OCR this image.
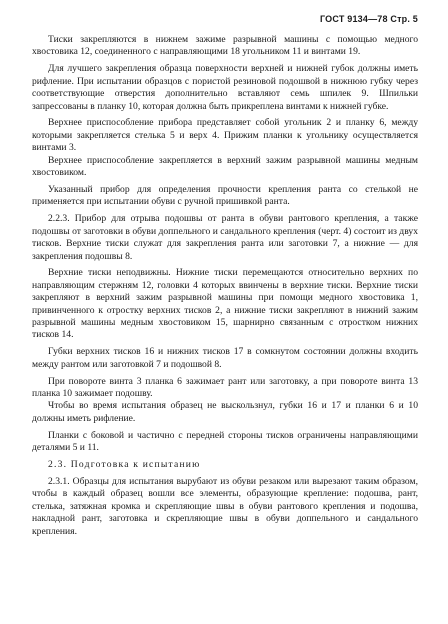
ГОСТ 9134—78 Стр. 5

Тиски закрепляются в нижнем зажиме разрывной машины с помощью медного хвостовика 12, соединенного с направляющими 18 угольником 11 и винтами 19.

Для лучшего закрепления образца поверхности верхней и нижней губок должны иметь рифление. При испытании образцов с пористой резиновой подошвой в нижнюю губку через соответствующие отверстия дополнительно вставляют семь шпилек 9. Шпильки запрессованы в планку 10, которая должна быть прикреплена винтами к нижней губке.

Верхнее приспособление прибора представляет собой угольник 2 и планку 6, между которыми закрепляется стелька 5 и верх 4. Прижим планки к угольнику осуществляется винтами 3.

Верхнее приспособление закрепляется в верхний зажим разрывной машины медным хвостовиком.

Указанный прибор для определения прочности крепления ранта со стелькой не применяется при испытании обуви с ручной пришивкой ранта.

2.2.3. Прибор для отрыва подошвы от ранта в обуви рантового крепления, а также подошвы от заготовки в обуви доппельного и сандального крепления (черт. 4) состоит из двух тисков. Верхние тиски служат для закрепления ранта или заготовки 7, а нижние — для закрепления подошвы 8.

Верхние тиски неподвижны. Нижние тиски перемещаются относительно верхних по направляющим стержням 12, головки 4 которых ввинчены в верхние тиски. Верхние тиски закрепляют в верхний зажим разрывной машины при помощи медного хвостовика 1, привинченного к отростку верхних тисков 2, а нижние тиски закрепляют в нижний зажим разрывной машины медным хвостовиком 15, шарнирно связанным с отростком нижних тисков 14.

Губки верхних тисков 16 и нижних тисков 17 в сомкнутом состоянии должны входить между рантом или заготовкой 7 и подошвой 8.

При повороте винта 3 планка 6 зажимает рант или заготовку, а при повороте винта 13 планка 10 зажимает подошву.

Чтобы во время испытания образец не выскользнул, губки 16 и 17 и планки 6 и 10 должны иметь рифление.

Планки с боковой и частично с передней стороны тисков ограничены направляющими деталями 5 и 11.

2.3. Подготовка к испытанию

2.3.1. Образцы для испытания вырубают из обуви резаком или вырезают таким образом, чтобы в каждый образец вошли все элементы, образующие крепление: подошва, рант, стелька, затяжная кромка и скрепляющие швы в обуви рантового крепления и подошва, накладной рант, заготовка и скрепляющие швы в обуви доппельного и сандального крепления.
